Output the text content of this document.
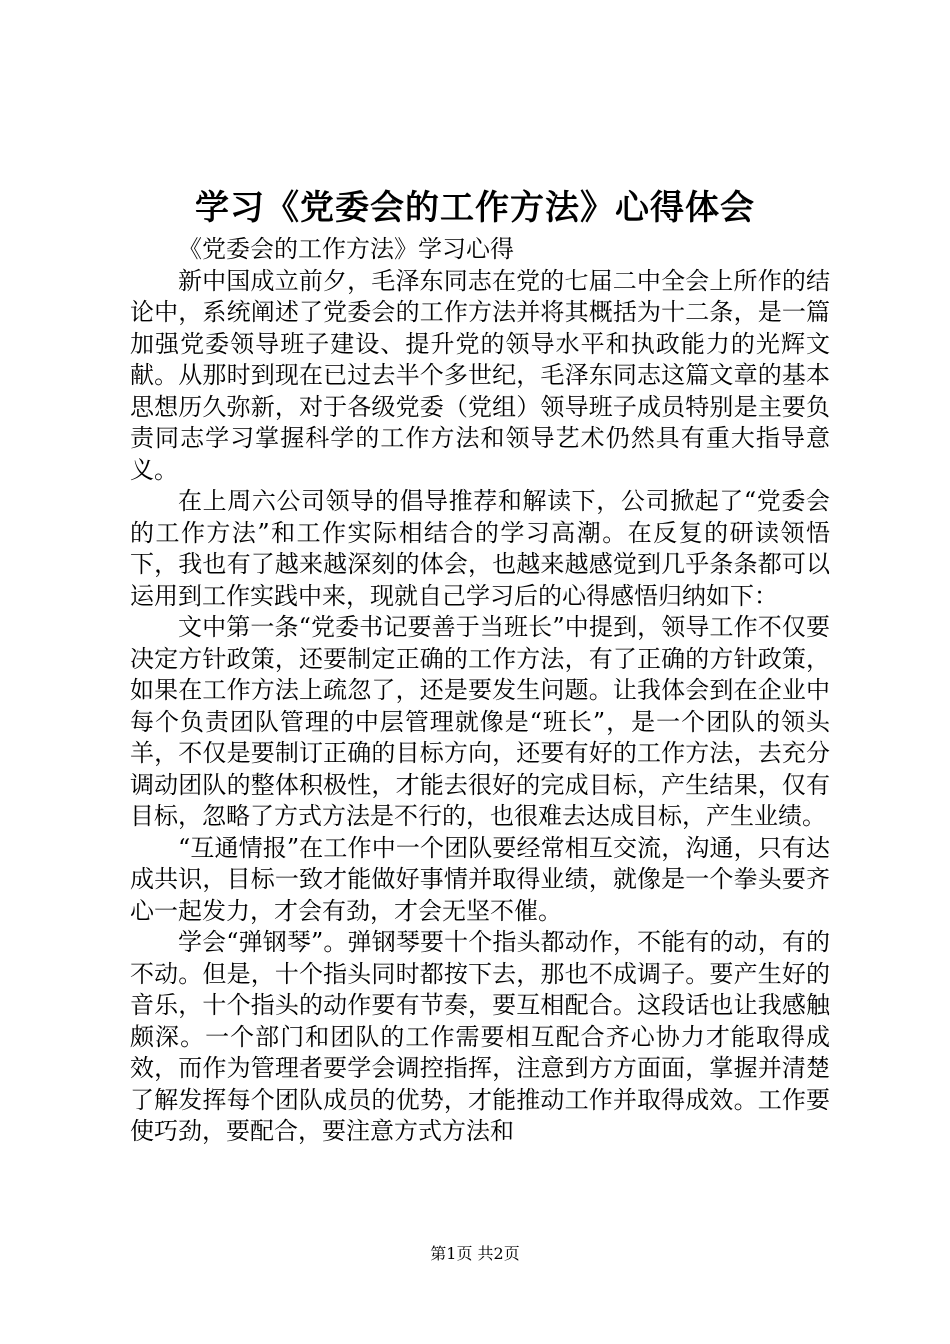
学习《党委会的工作方法》心得体会

《党委会的工作方法》学习心得

新中国成立前夕，毛泽东同志在党的七届二中全会上所作的结论中，系统阐述了党委会的工作方法并将其概括为十二条，是一篇加强党委领导班子建设、提升党的领导水平和执政能力的光辉文献。从那时到现在已过去半个多世纪，毛泽东同志这篇文章的基本思想历久弥新，对于各级党委（党组）领导班子成员特别是主要负责同志学习掌握科学的工作方法和领导艺术仍然具有重大指导意义。

在上周六公司领导的倡导推荐和解读下，公司掀起了“党委会的工作方法”和工作实际相结合的学习高潮。在反复的研读领悟下，我也有了越来越深刻的体会，也越来越感觉到几乎条条都可以运用到工作实践中来，现就自己学习后的心得感悟归纳如下：

文中第一条“党委书记要善于当班长”中提到，领导工作不仅要决定方针政策，还要制定正确的工作方法，有了正确的方针政策，如果在工作方法上疏忽了，还是要发生问题。让我体会到在企业中每个负责团队管理的中层管理就像是“班长”，是一个团队的领头羊，不仅是要制订正确的目标方向，还要有好的工作方法，去充分调动团队的整体积极性，才能去很好的完成目标，产生结果，仅有目标，忽略了方式方法是不行的，也很难去达成目标，产生业绩。

“互通情报”在工作中一个团队要经常相互交流，沟通，只有达成共识，目标一致才能做好事情并取得业绩，就像是一个拳头要齐心一起发力，才会有劲，才会无坚不催。

学会“弹钢琴”。弹钢琴要十个指头都动作，不能有的动，有的不动。但是，十个指头同时都按下去，那也不成调子。要产生好的音乐，十个指头的动作要有节奏，要互相配合。这段话也让我感触颇深。一个部门和团队的工作需要相互配合齐心协力才能取得成效，而作为管理者要学会调控指挥，注意到方方面面，掌握并清楚了解发挥每个团队成员的优势，才能推动工作并取得成效。工作要使巧劲，要配合，要注意方式方法和

第1页 共2页
